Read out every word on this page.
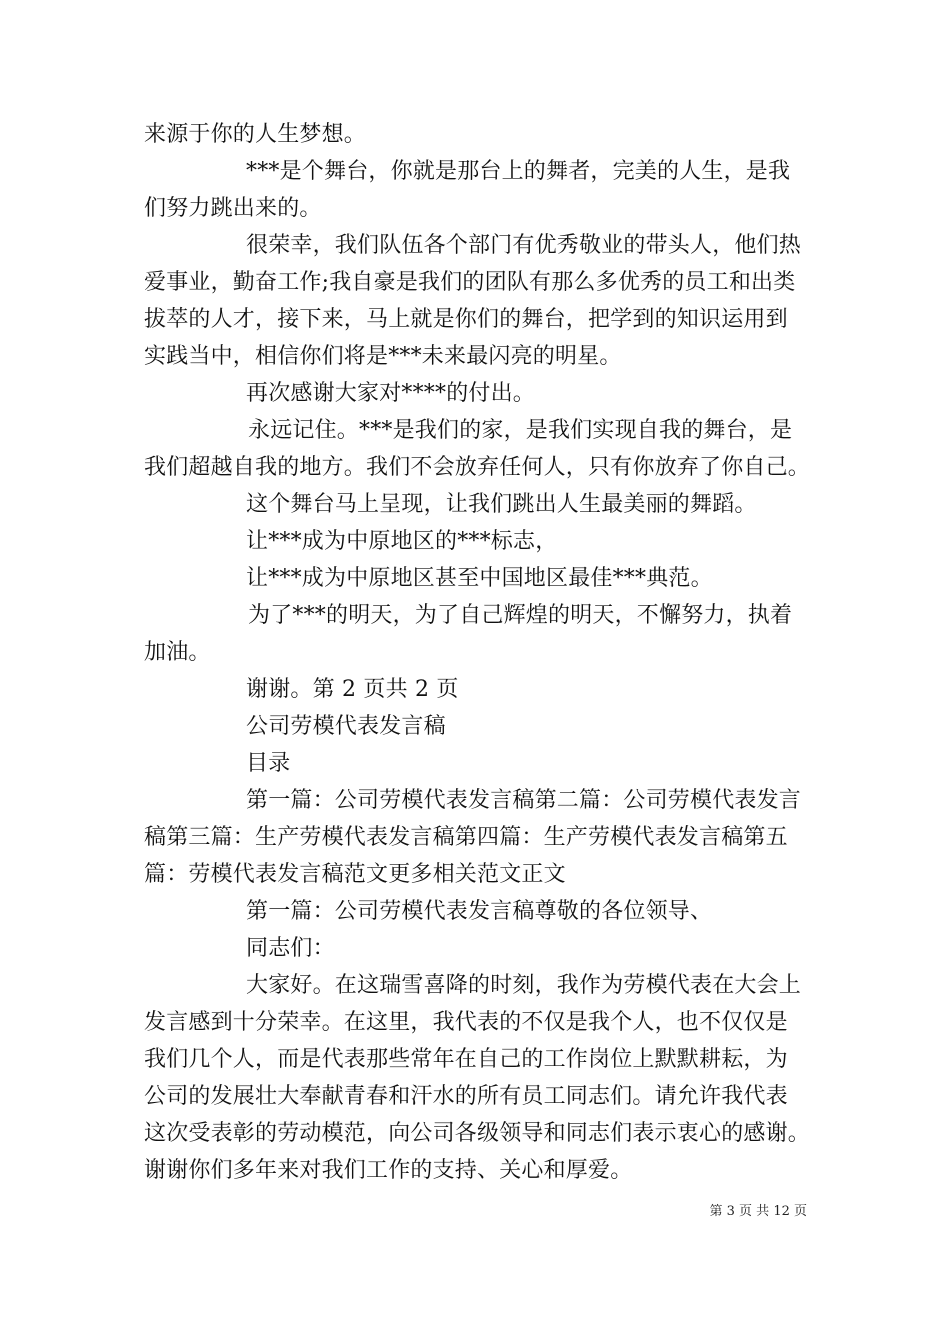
来源于你的人生梦想。
***是个舞台，你就是那台上的舞者，完美的人生，是我
们努力跳出来的。
很荣幸，我们队伍各个部门有优秀敬业的带头人，他们热
爱事业，勤奋工作;我自豪是我们的团队有那么多优秀的员工和出类
拔萃的人才，接下来，马上就是你们的舞台，把学到的知识运用到
实践当中，相信你们将是***未来最闪亮的明星。
再次感谢大家对****的付出。
永远记住。***是我们的家，是我们实现自我的舞台，是
我们超越自我的地方。我们不会放弃任何人，只有你放弃了你自己。
这个舞台马上呈现，让我们跳出人生最美丽的舞蹈。
让***成为中原地区的***标志，
让***成为中原地区甚至中国地区最佳***典范。
为了***的明天，为了自己辉煌的明天，不懈努力，执着
加油。
谢谢。第 2 页共 2 页
公司劳模代表发言稿
目录
第一篇：公司劳模代表发言稿第二篇：公司劳模代表发言
稿第三篇：生产劳模代表发言稿第四篇：生产劳模代表发言稿第五
篇：劳模代表发言稿范文更多相关范文正文
第一篇：公司劳模代表发言稿尊敬的各位领导、
同志们：
大家好。在这瑞雪喜降的时刻，我作为劳模代表在大会上
发言感到十分荣幸。在这里，我代表的不仅是我个人，也不仅仅是
我们几个人，而是代表那些常年在自己的工作岗位上默默耕耘，为
公司的发展壮大奉献青春和汗水的所有员工同志们。请允许我代表
这次受表彰的劳动模范，向公司各级领导和同志们表示衷心的感谢。
谢谢你们多年来对我们工作的支持、关心和厚爱。
第 3 页 共 12 页
